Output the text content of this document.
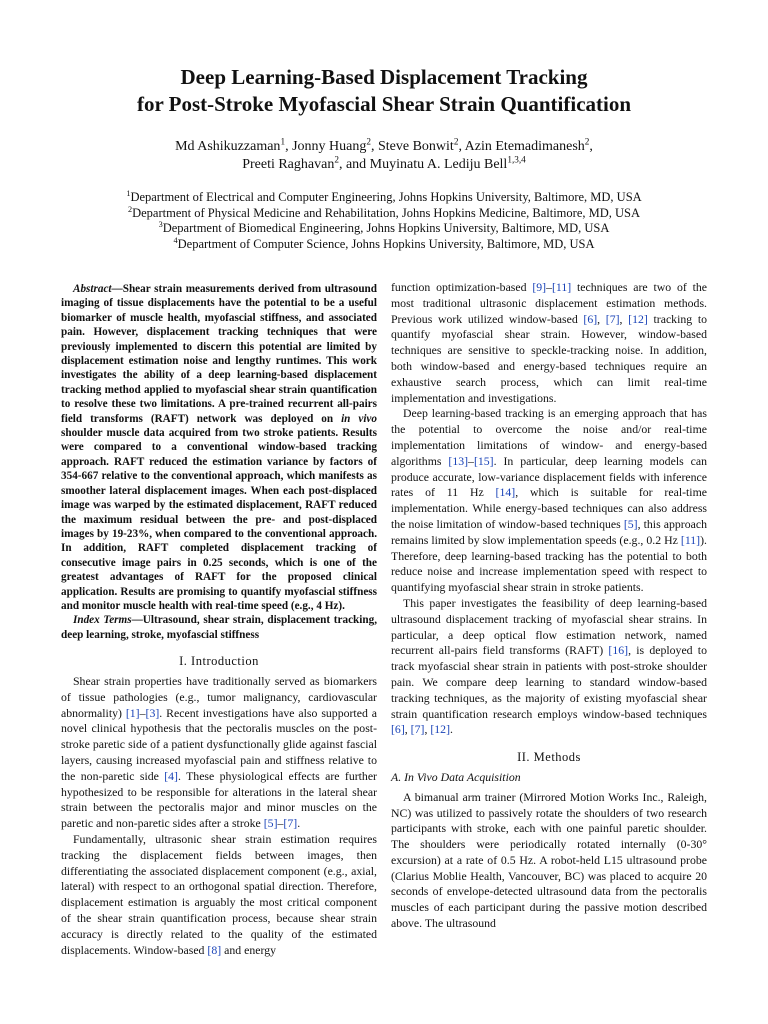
Deep Learning-Based Displacement Tracking
for Post-Stroke Myofascial Shear Strain Quantification
Md Ashikuzzaman$^1$, Jonny Huang$^2$, Steve Bonwit$^2$, Azin Etemadimanesh$^2$,
Preeti Raghavan$^2$, and Muyinatu A. Lediju Bell$^{1,3,4}$
$^1$Department of Electrical and Computer Engineering, Johns Hopkins University, Baltimore, MD, USA
$^2$Department of Physical Medicine and Rehabilitation, Johns Hopkins Medicine, Baltimore, MD, USA
$^3$Department of Biomedical Engineering, Johns Hopkins University, Baltimore, MD, USA
$^4$Department of Computer Science, Johns Hopkins University, Baltimore, MD, USA

Abstract—Shear strain measurements derived from ultrasound imaging of tissue displacements have the potential to be a useful biomarker of muscle health, myofascial stiffness, and associated pain. However, displacement tracking techniques that were previously implemented to discern this potential are limited by displacement estimation noise and lengthy runtimes. This work investigates the ability of a deep learning-based displacement tracking method applied to myofascial shear strain quantification to resolve these two limitations. A pre-trained recurrent all-pairs field transforms (RAFT) network was deployed on in vivo shoulder muscle data acquired from two stroke patients. Results were compared to a conventional window-based tracking approach. RAFT reduced the estimation variance by factors of 354-667 relative to the conventional approach, which manifests as smoother lateral displacement images. When each post-displaced image was warped by the estimated displacement, RAFT reduced the maximum residual between the pre- and post-displaced images by 19-23%, when compared to the conventional approach. In addition, RAFT completed displacement tracking of consecutive image pairs in 0.25 seconds, which is one of the greatest advantages of RAFT for the proposed clinical application. Results are promising to quantify myofascial stiffness and monitor muscle health with real-time speed (e.g., 4 Hz).

Index Terms—Ultrasound, shear strain, displacement tracking, deep learning, stroke, myofascial stiffness

I. Introduction

Shear strain properties have traditionally served as biomarkers of tissue pathologies (e.g., tumor malignancy, cardiovascular abnormality) [1]–[3]. Recent investigations have also supported a novel clinical hypothesis that the pectoralis muscles on the post-stroke paretic side of a patient dysfunctionally glide against fascial layers, causing increased myofascial pain and stiffness relative to the non-paretic side [4]. These physiological effects are further hypothesized to be responsible for alterations in the lateral shear strain between the pectoralis major and minor muscles on the paretic and non-paretic sides after a stroke [5]–[7].

Fundamentally, ultrasonic shear strain estimation requires tracking the displacement fields between images, then differentiating the associated displacement component (e.g., axial, lateral) with respect to an orthogonal spatial direction. Therefore, displacement estimation is arguably the most critical component of the shear strain quantification process, because shear strain accuracy is directly related to the quality of the estimated displacements. Window-based [8] and energy

function optimization-based [9]–[11] techniques are two of the most traditional ultrasonic displacement estimation methods. Previous work utilized window-based [6], [7], [12] tracking to quantify myofascial shear strain. However, window-based techniques are sensitive to speckle-tracking noise. In addition, both window-based and energy-based techniques require an exhaustive search process, which can limit real-time implementation and investigations.

Deep learning-based tracking is an emerging approach that has the potential to overcome the noise and/or real-time implementation limitations of window- and energy-based algorithms [13]–[15]. In particular, deep learning models can produce accurate, low-variance displacement fields with inference rates of 11 Hz [14], which is suitable for real-time implementation. While energy-based techniques can also address the noise limitation of window-based techniques [5], this approach remains limited by slow implementation speeds (e.g., 0.2 Hz [11]). Therefore, deep learning-based tracking has the potential to both reduce noise and increase implementation speed with respect to quantifying myofascial shear strain in stroke patients.

This paper investigates the feasibility of deep learning-based ultrasound displacement tracking of myofascial shear strains. In particular, a deep optical flow estimation network, named recurrent all-pairs field transforms (RAFT) [16], is deployed to track myofascial shear strain in patients with post-stroke shoulder pain. We compare deep learning to standard window-based tracking techniques, as the majority of existing myofascial shear strain quantification research employs window-based techniques [6], [7], [12].

II. Methods
A. In Vivo Data Acquisition

A bimanual arm trainer (Mirrored Motion Works Inc., Raleigh, NC) was utilized to passively rotate the shoulders of two research participants with stroke, each with one painful paretic shoulder. The shoulders were periodically rotated internally (0-30° excursion) at a rate of 0.5 Hz. A robot-held L15 ultrasound probe (Clarius Moblie Health, Vancouver, BC) was placed to acquire 20 seconds of envelope-detected ultrasound data from the pectoralis muscles of each participant during the passive motion described above. The ultrasound
